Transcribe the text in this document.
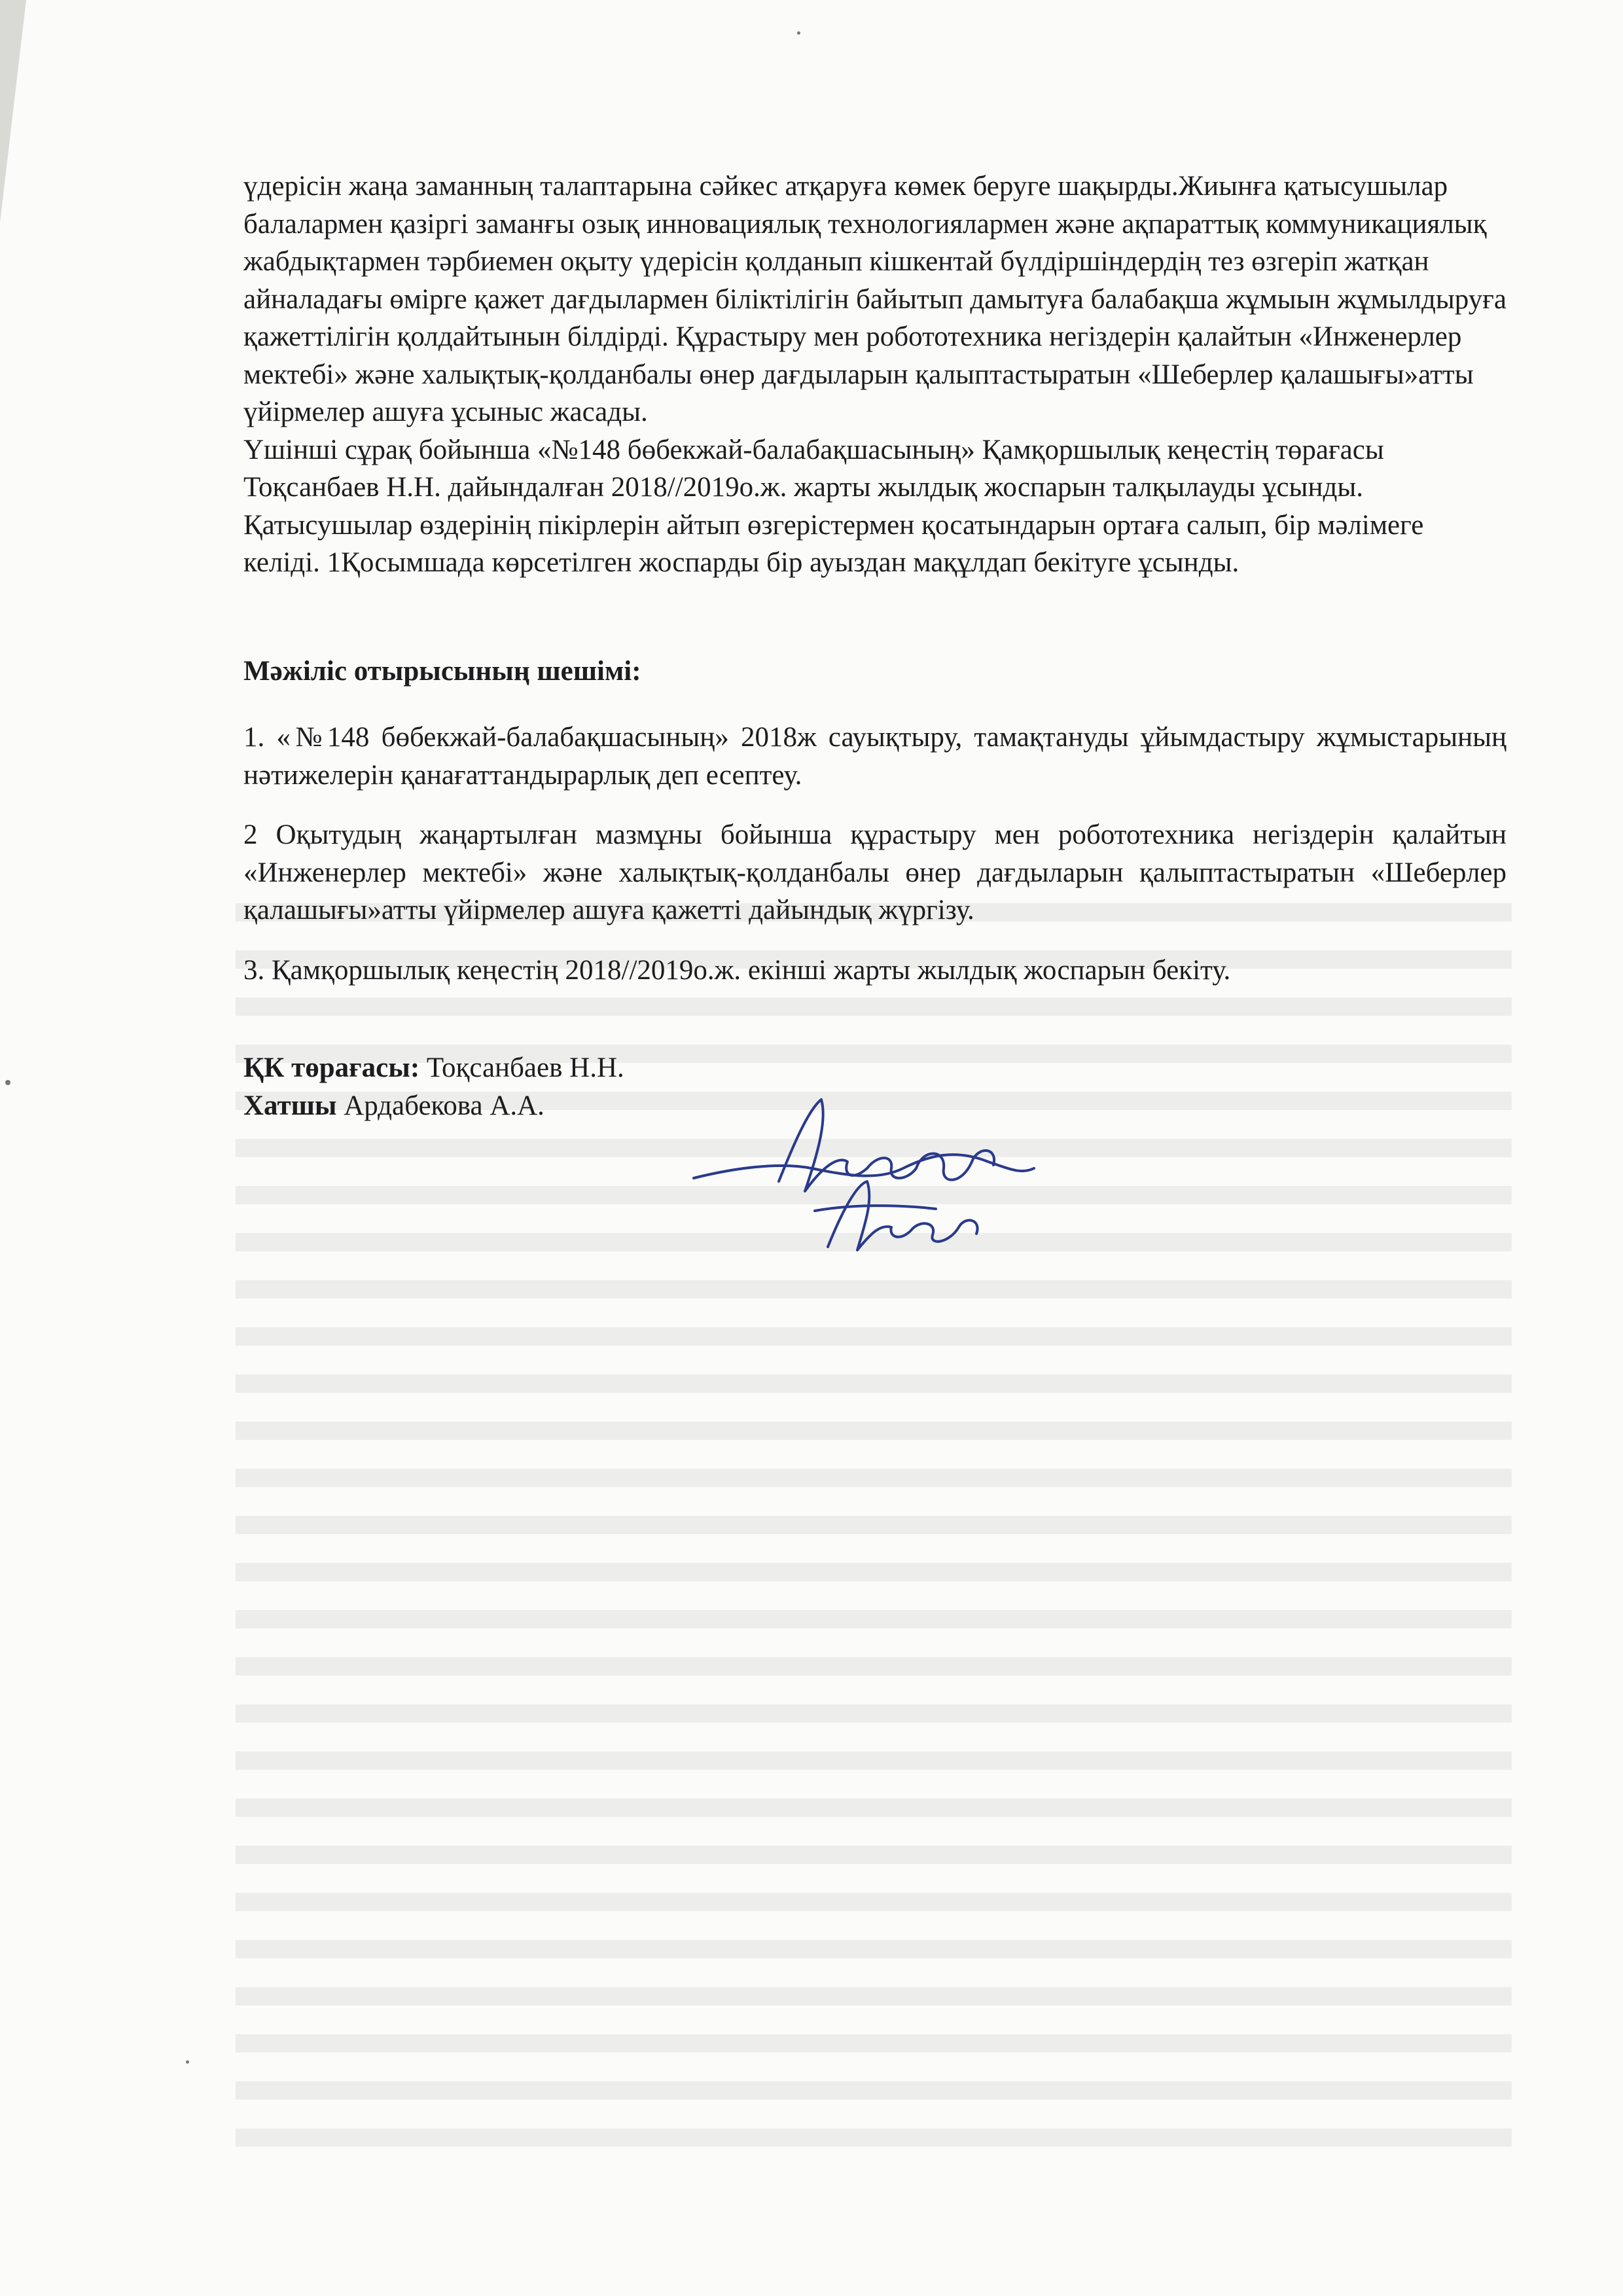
үдерісін жаңа заманның талаптарына сәйкес атқаруға көмек беруге шақырды.Жиынға қатысушылар балалармен қазіргі заманғы озық инновациялық технологиялармен және ақпараттық коммуникациялық жабдықтармен тәрбиемен оқыту үдерісін қолданып кішкентай бүлдіршіндердің тез өзгеріп жатқан айналадағы өмірге қажет дағдылармен біліктілігін байытып дамытуға балабақша жұмыын жұмылдыруға қажеттілігін қолдайтынын білдірді. Құрастыру мен робототехника негіздерін қалайтын «Инженерлер мектебі» және халықтық-қолданбалы өнер дағдыларын қалыптастыратын «Шеберлер қалашығы»атты үйірмелер ашуға ұсыныс жасады.

Үшінші сұрақ бойынша «№148 бөбекжай-балабақшасының» Қамқоршылық кеңестің төрағасы Тоқсанбаев Н.Н. дайындалған 2018//2019о.ж. жарты жылдық жоспарын талқылауды ұсынды. Қатысушылар өздерінің пікірлерін айтып өзгерістермен қосатындарын ортаға салып, бір мәлімеге келіді. 1Қосымшада көрсетілген жоспарды бір ауыздан мақұлдап бекітуге ұсынды.

Мәжіліс отырысының шешімі:

1. «№148 бөбекжай-балабақшасының» 2018ж сауықтыру, тамақтануды ұйымдастыру жұмыстарының нәтижелерін қанағаттандырарлық деп есептеу.

2 Оқытудың жаңартылған мазмұны бойынша құрастыру мен робототехника негіздерін қалайтын «Инженерлер мектебі» және халықтық-қолданбалы өнер дағдыларын қалыптастыратын «Шеберлер қалашығы»атты үйірмелер ашуға қажетті дайындық жүргізу.

3. Қамқоршылық кеңестің 2018//2019о.ж. екінші жарты жылдық жоспарын бекіту.

ҚК төрағасы: Тоқсанбаев Н.Н.
Хатшы Ардабекова А.А.
